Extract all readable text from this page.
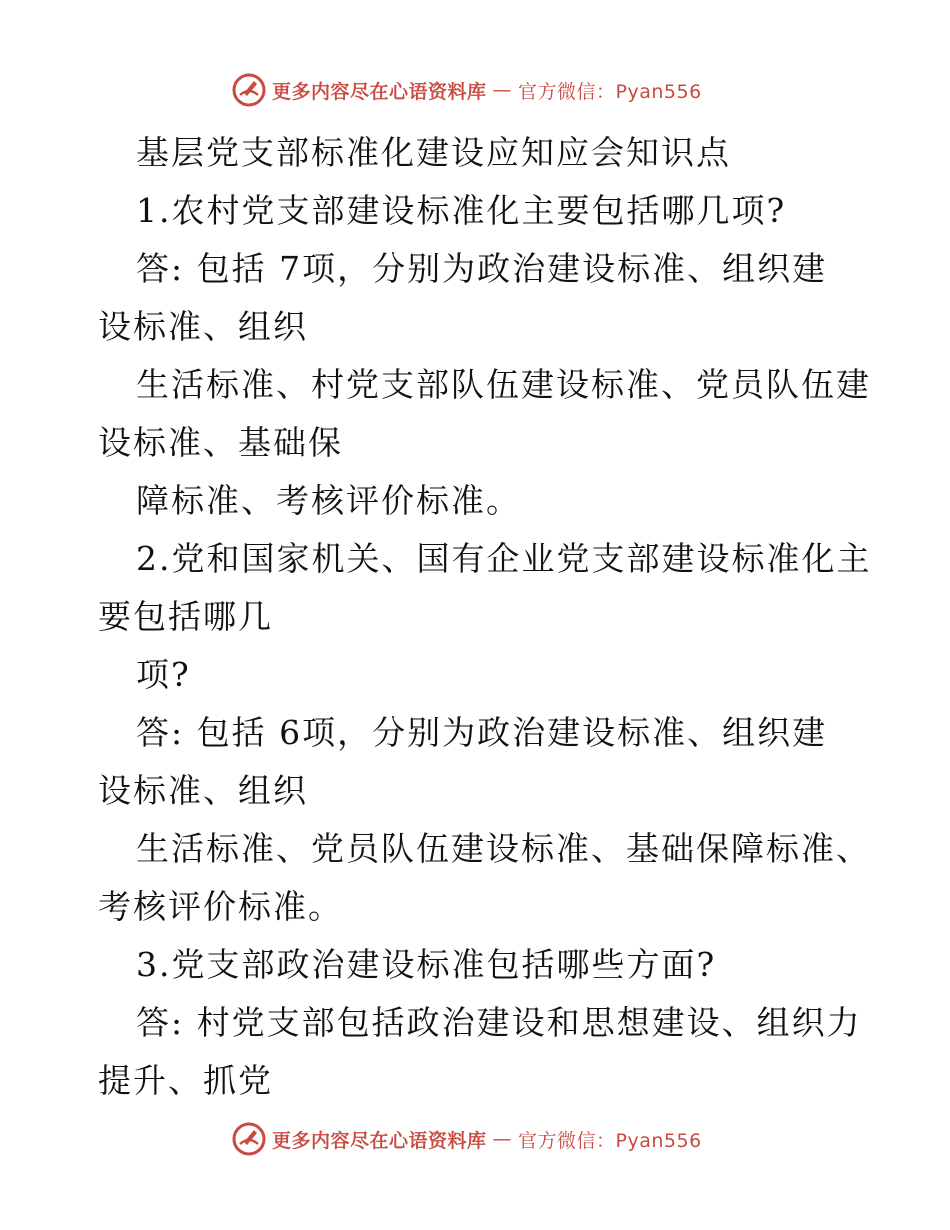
更多内容尽在心语资料库 — 官方微信：Pyan556
基层党支部标准化建设应知应会知识点
1.农村党支部建设标准化主要包括哪几项?
答: 包括 7项，分别为政治建设标准、组织建
设标准、组织
生活标准、村党支部队伍建设标准、党员队伍建
设标准、基础保
障标准、考核评价标准。
2.党和国家机关、国有企业党支部建设标准化主
要包括哪几
项?
答: 包括 6项，分别为政治建设标准、组织建
设标准、组织
生活标准、党员队伍建设标准、基础保障标准、
考核评价标准。
3.党支部政治建设标准包括哪些方面?
答: 村党支部包括政治建设和思想建设、组织力
提升、抓党
更多内容尽在心语资料库 — 官方微信：Pyan556
